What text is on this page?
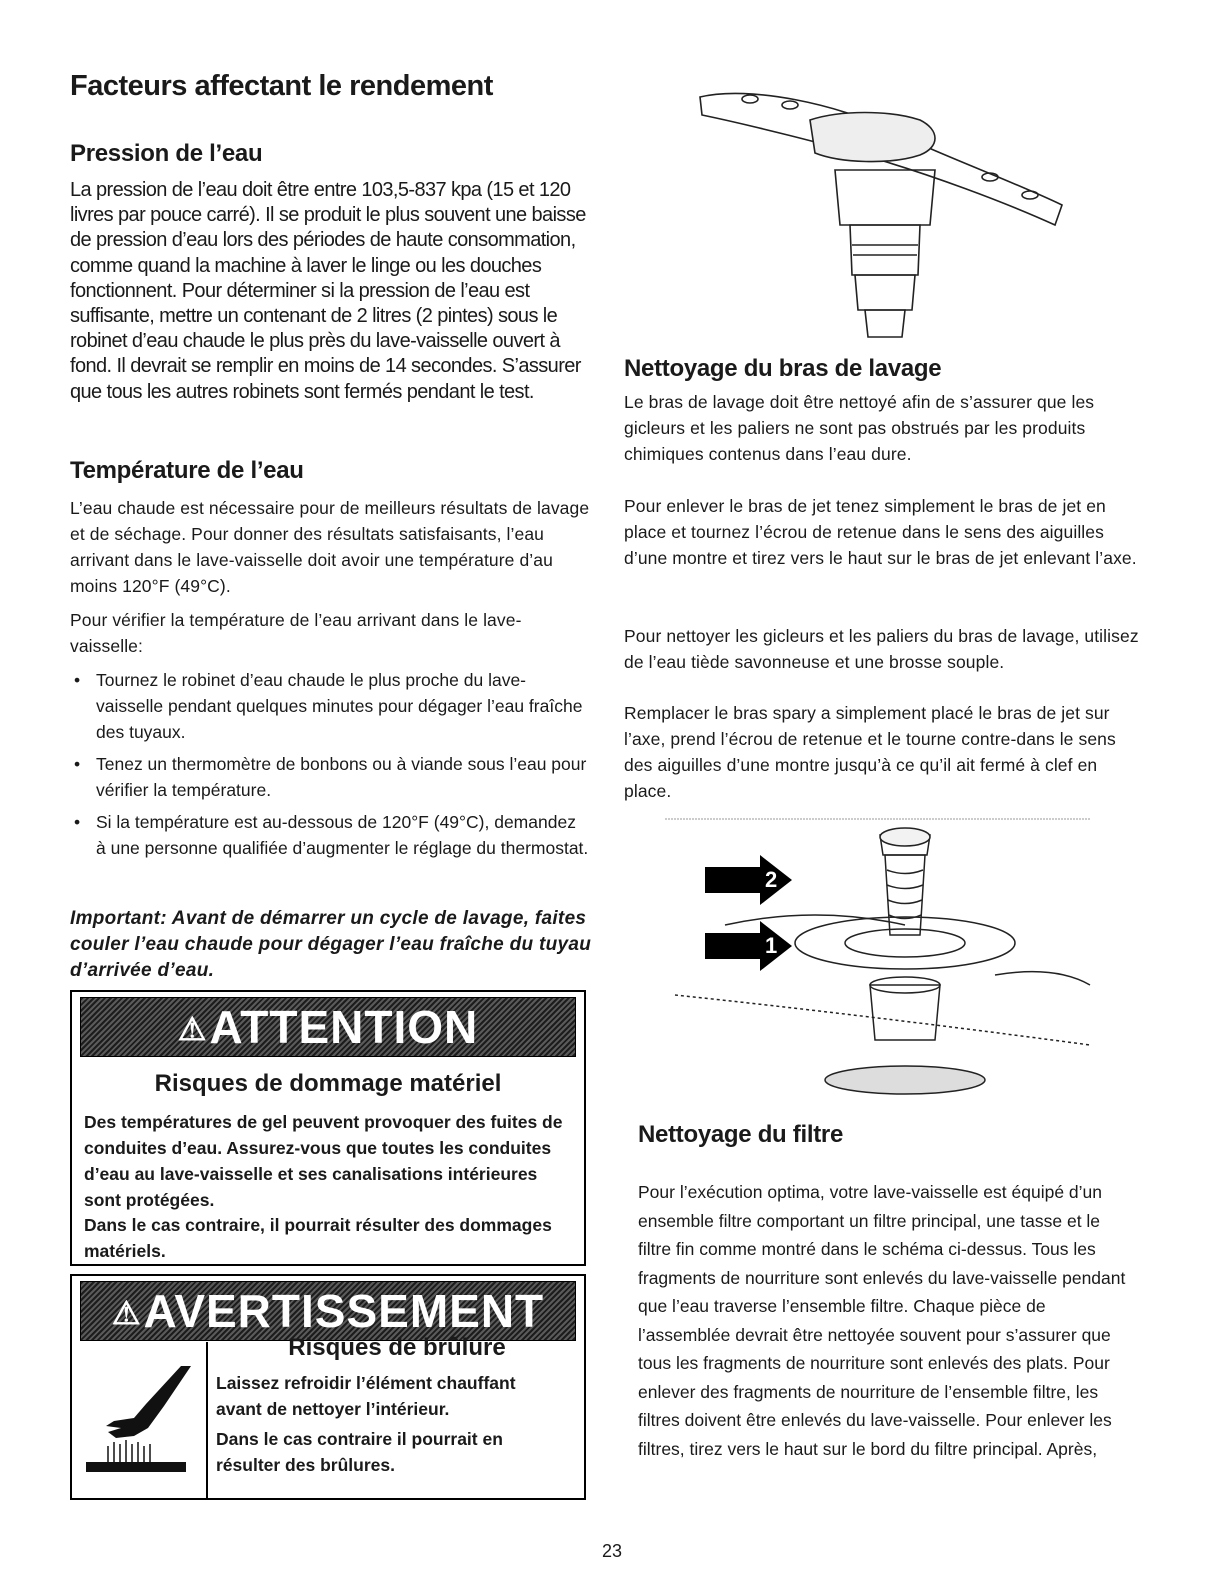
Facteurs affectant le rendement
Pression de l’eau

La pression de l’eau doit être entre 103,5-837 kpa (15 et 120 livres par pouce carré). Il se produit le plus souvent une baisse de pression d’eau lors des périodes de haute consommation, comme quand la machine à laver le linge ou les douches fonctionnent. Pour déterminer si la pression de l’eau est suffisante, mettre un contenant de 2 litres (2 pintes) sous le robinet d’eau chaude le plus près du lave-vaisselle ouvert à fond. Il devrait se remplir en moins de 14 secondes. S’assurer que tous les autres robinets sont fermés pendant le test.

Température de l’eau

L’eau chaude est nécessaire pour de meilleurs résultats de lavage et de séchage. Pour donner des résultats satisfaisants, l’eau arrivant dans le lave-vaisselle doit avoir une température d’au moins 120°F (49°C).

Pour vérifier la température de l’eau arrivant dans le lave-vaisselle:

• Tournez le robinet d’eau chaude le plus proche du lave-vaisselle pendant quelques minutes pour dégager l’eau fraîche des tuyaux.
• Tenez un thermomètre de bonbons ou à viande sous l’eau pour vérifier la température.
• Si la température est au-dessous de 120°F (49°C), demandez à une personne qualifiée d’augmenter le réglage du thermostat.

Important: Avant de démarrer un cycle de lavage, faites couler l’eau chaude pour dégager l’eau fraîche du tuyau d’arrivée d’eau.

⚠ ATTENTION
Risques de dommage matériel

Des températures de gel peuvent provoquer des fuites de conduites d’eau. Assurez-vous que toutes les conduites d’eau au lave-vaisselle et ses canalisations intérieures sont protégées.

Dans le cas contraire, il pourrait résulter des dommages matériels.

⚠ AVERTISSEMENT
Risques de brûlure

Laissez refroidir l’élément chauffant avant de nettoyer l’intérieur.

Dans le cas contraire il pourrait en résulter des brûlures.

Nettoyage du bras de lavage

Le bras de lavage doit être nettoyé afin de s’assurer que les gicleurs et les paliers ne sont pas obstrués par les produits chimiques contenus dans l’eau dure.

Pour enlever le bras de jet tenez simplement le bras de jet en place et tournez l’écrou de retenue dans le sens des aiguilles d’une montre et tirez vers le haut sur le bras de jet enlevant l’axe.

Pour nettoyer les gicleurs et les paliers du bras de lavage, utilisez de l’eau tiède savonneuse et une brosse souple.

Remplacer le bras spary a simplement placé le bras de jet sur l’axe, prend l’écrou de retenue et le tourne contre-dans le sens des aiguilles d’une montre jusqu’à ce qu’il ait fermé à clef en place.

2
1
Nettoyage du filtre

Pour l’exécution optima, votre lave-vaisselle est équipé d’un ensemble filtre comportant un filtre principal, une tasse et le filtre fin comme montré dans le schéma ci-dessus. Tous les fragments de nourriture sont enlevés du lave-vaisselle pendant que l’eau traverse l’ensemble filtre. Chaque pièce de l’assemblée devrait être nettoyée souvent pour s’assurer que tous les fragments de nourriture sont enlevés des plats. Pour enlever des fragments de nourriture de l’ensemble filtre, les filtres doivent être enlevés du lave-vaisselle. Pour enlever les filtres, tirez vers le haut sur le bord du filtre principal. Après,

23
